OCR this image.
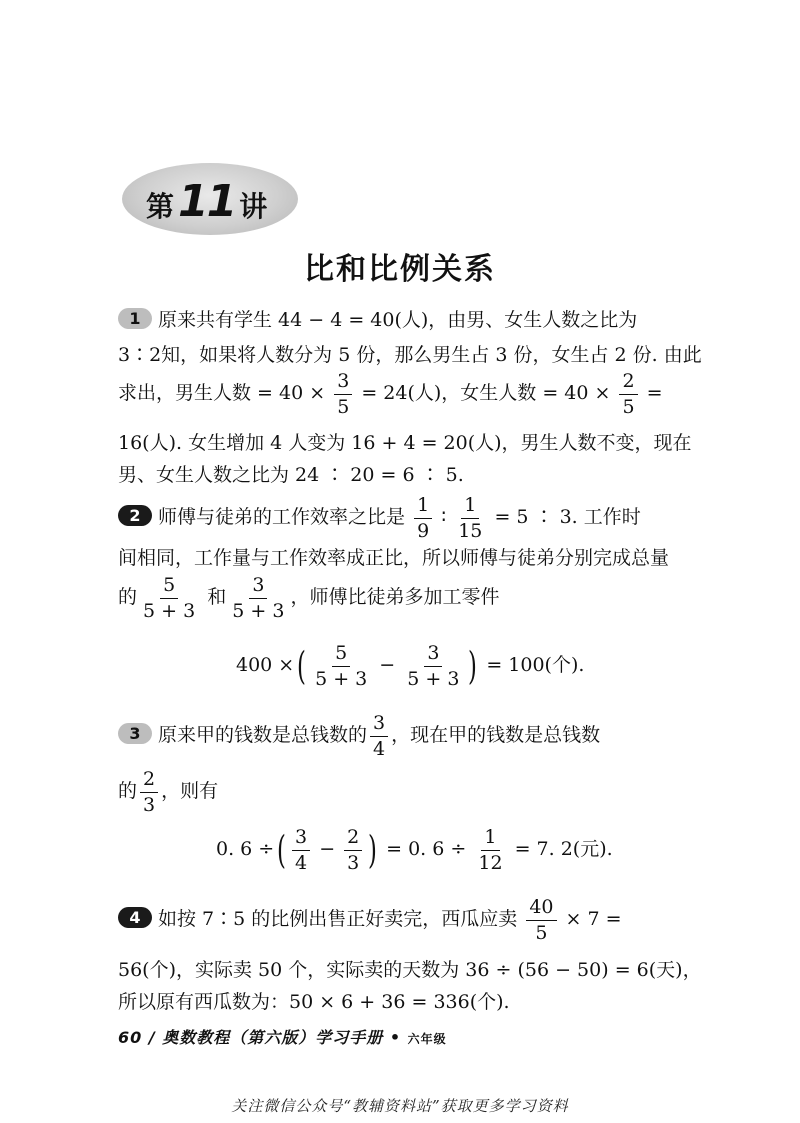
第 11 讲
比和比例关系
1 原来共有学生 44 − 4 = 40(人)，由男、女生人数之比为
3∶2知，如果将人数分为 5 份，那么男生占 3 份，女生占 2 份. 由此
求出，男生人数 = $40 \times \frac{3}{5} = 24$(人)，女生人数 = $40 \times \frac{2}{5}$ =
16(人). 女生增加 4 人变为 16 + 4 = 20(人)，男生人数不变，现在
男、女生人数之比为 24 ∶ 20 = 6 ∶ 5.
2 师傅与徒弟的工作效率之比是 $\frac{1}{9}$ ∶ $\frac{1}{15} = 5$ ∶ 3. 工作时
间相同，工作量与工作效率成正比，所以师傅与徒弟分别完成总量
的 $\frac{5}{5 + 3}$ 和 $\frac{3}{5 + 3}$ ，师傅比徒弟多加工零件
400 ×( $\frac{5}{5 + 3} - \frac{3}{5 + 3}$ ) = 100(个).
3 原来甲的钱数是总钱数的 $\frac{3}{4}$ ，现在甲的钱数是总钱数
的 $\frac{2}{3}$ ，则有
0. 6 ÷( $\frac{3}{4} - \frac{2}{3}$ ) = 0. $6 \div \frac{1}{12} = 7$. 2(元).
4 如按 7∶5 的比例出售正好卖完，西瓜应卖 $\frac{40}{5} \times 7$ =
56(个)，实际卖 50 个，实际卖的天数为 36 ÷ (56 − 50) = 6(天)，
所以原有西瓜数为：50 × 6 + 36 = 336(个).
60 / 奥数教程（第六版）学习手册 • 六年级
关注微信公众号“教辅资料站”获取更多学习资料
